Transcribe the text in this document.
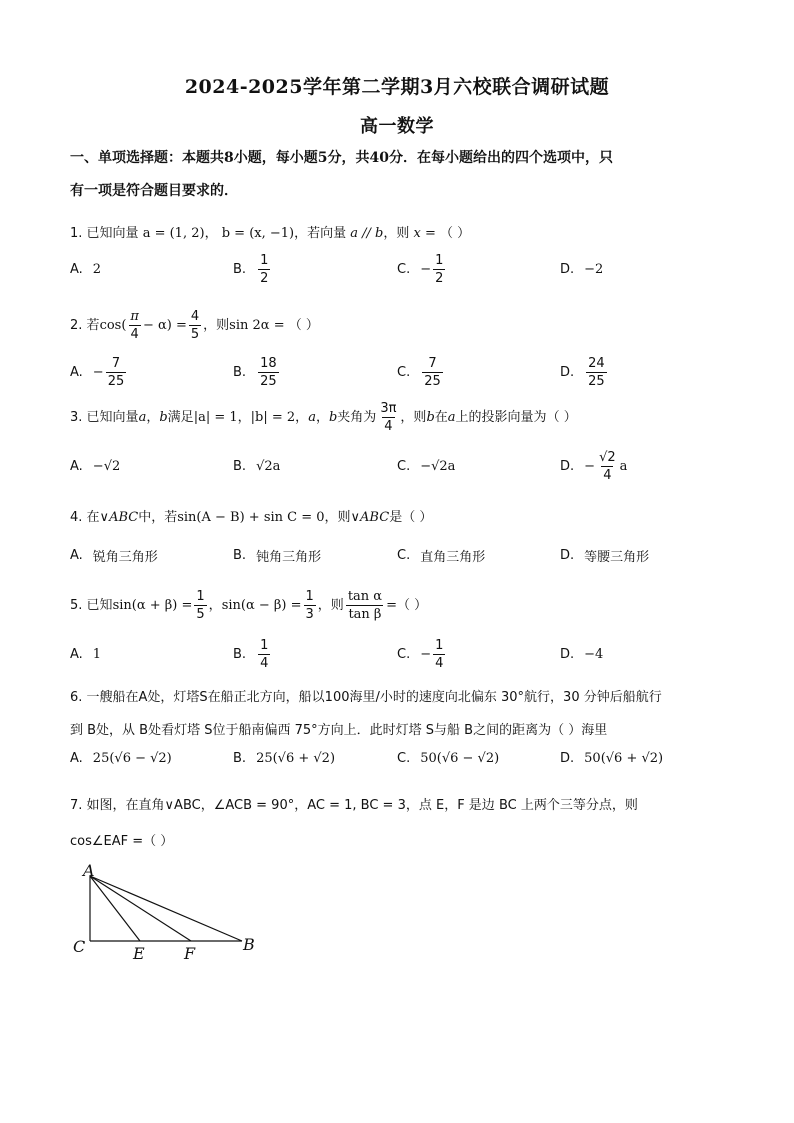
2024-2025学年第二学期3月六校联合调研试题
高一数学
一、单项选择题：本题共8小题，每小题5分，共40分．在每小题给出的四个选项中，只
有一项是符合题目要求的．
1. 已知向量 a = (1, 2)， b = (x, −1)，若向量 a // b，则 x = （ ）
A. 2	B. $\frac{1}{2}$	C. − $\frac{1}{2}$	D. −2
2. 若$\cos( \frac{\pi}{4} - \alpha) = \frac{4}{5}$ ，则sin 2α = （ ）
A. − $\frac{7}{25}$	B. $\frac{18}{25}$	C. $\frac{7}{25}$	D. $\frac{24}{25}$
3. 已知向量a，b满足|a| = 1，|b| = 2，a，b夹角为 $\frac{3\pi}{4}$ ，则b在a上的投影向量为（ ）
A. −√2	B. √2a	C. −√2a	D. − $\frac{√2}{4}$ a
4. 在∨ABC中，若sin(A − B) + sin C = 0，则∨ABC是（ ）
A. 锐角三角形	B. 钝角三角形	C. 直角三角形	D. 等腰三角形
5. 已知$\sin(\alpha + \beta) = \frac{1}{5}$ ，$\sin(\alpha - \beta) = \frac{1}{3}$ ，则 $\frac{\text{tan α}}{\text{tan β}}$ =（ ）
A. 1	B. $\frac{1}{4}$	C. − $\frac{1}{4}$	D. −4
6. 一艘船在A处，灯塔S在船正北方向，船以100海里/小时的速度向北偏东 30°航行，30 分钟后船航行
到 B处，从 B处看灯塔 S位于船南偏西 75°方向上．此时灯塔 S与船 B之间的距离为（ ）海里
A. 25(√6 − √2)	B. 25(√6 + √2)	C. 50(√6 − √2)	D. 50(√6 + √2)
7. 如图，在直角∨ABC，∠ACB = 90°，AC = 1, BC = 3，点 E，F 是边 BC 上两个三等分点，则
cos∠EAF =（ ）
A
C	E F	B
